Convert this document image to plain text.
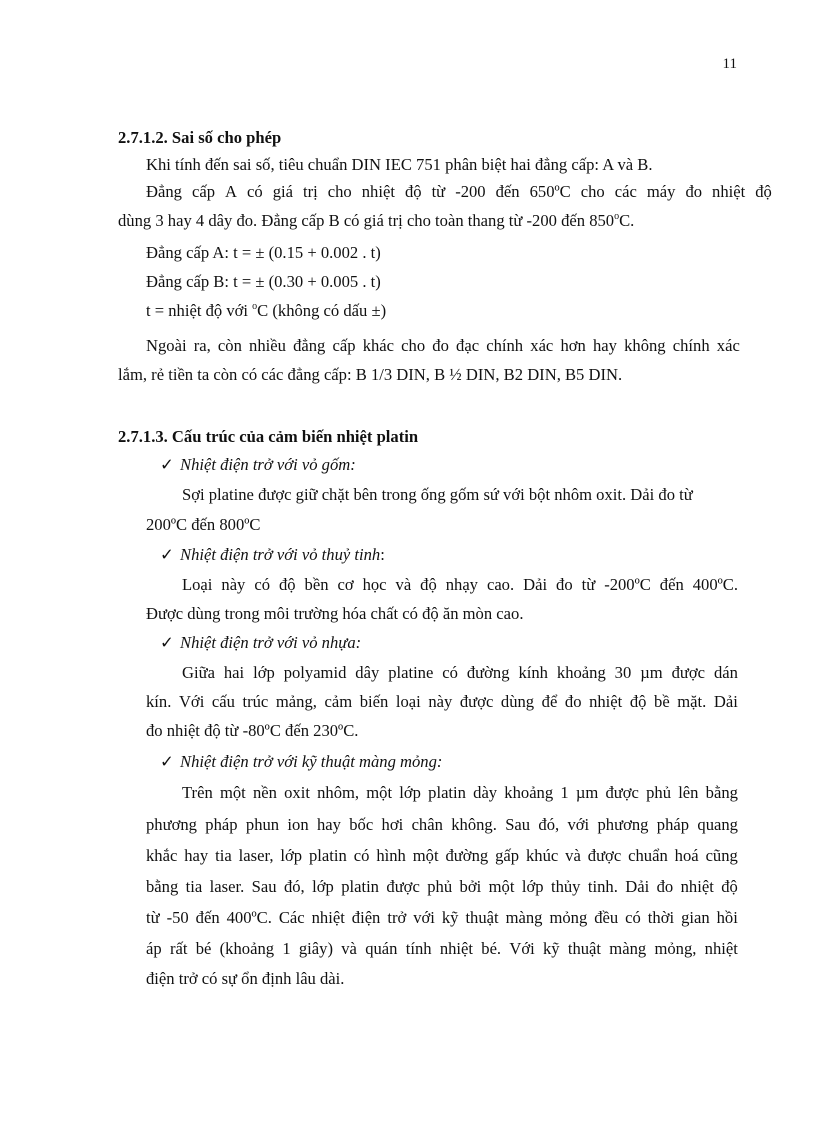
11
2.7.1.2. Sai số cho phép
Khi tính đến sai số, tiêu chuẩn DIN IEC 751 phân biệt hai đẳng cấp: A và B.
Đẳng cấp A có giá trị cho nhiệt độ từ -200 đến 650ºC cho các máy đo nhiệt độ
dùng 3 hay 4 dây đo. Đẳng cấp B có giá trị cho toàn thang từ -200 đến 850$^o$C.
Đẳng cấp A: t = ± (0.15 + 0.002 . t)
Đẳng cấp B: t = ± (0.30 + 0.005 . t)
t = nhiệt độ với $^o$C (không có dấu ±)
Ngoài ra, còn nhiều đẳng cấp khác cho đo đạc chính xác hơn hay không chính xác
lắm, rẻ tiền ta còn có các đẳng cấp: B 1/3 DIN, B ½ DIN, B2 DIN, B5 DIN.
2.7.1.3. Cấu trúc của cảm biến nhiệt platin
✓ Nhiệt điện trở với vỏ gốm:
Sợi platine được giữ chặt bên trong ống gốm sứ với bột nhôm oxit. Dải đo từ
200ºC đến 800ºC
✓ Nhiệt điện trở với vỏ thuỷ tinh:
Loại này có độ bền cơ học và độ nhạy cao. Dải đo từ -200ºC đến 400ºC.
Được dùng trong môi trường hóa chất có độ ăn mòn cao.
✓ Nhiệt điện trở với vỏ nhựa:
Giữa hai lớp polyamid dây platine có đường kính khoảng 30 µm được dán
kín. Với cấu trúc mảng, cảm biến loại này được dùng để đo nhiệt độ bề mặt. Dải
đo nhiệt độ từ -80ºC đến 230ºC.
✓ Nhiệt điện trở với kỹ thuật màng mỏng:
Trên một nền oxit nhôm, một lớp platin dày khoảng 1 µm được phủ lên bằng
phương pháp phun ion hay bốc hơi chân không. Sau đó, với phương pháp quang
khắc hay tia laser, lớp platin có hình một đường gấp khúc và được chuẩn hoá cũng
bằng tia laser. Sau đó, lớp platin được phủ bởi một lớp thủy tinh. Dải đo nhiệt độ
từ -50 đến 400ºC. Các nhiệt điện trở với kỹ thuật màng mỏng đều có thời gian hồi
áp rất bé (khoảng 1 giây) và quán tính nhiệt bé. Với kỹ thuật màng mỏng, nhiệt
điện trở có sự ổn định lâu dài.
